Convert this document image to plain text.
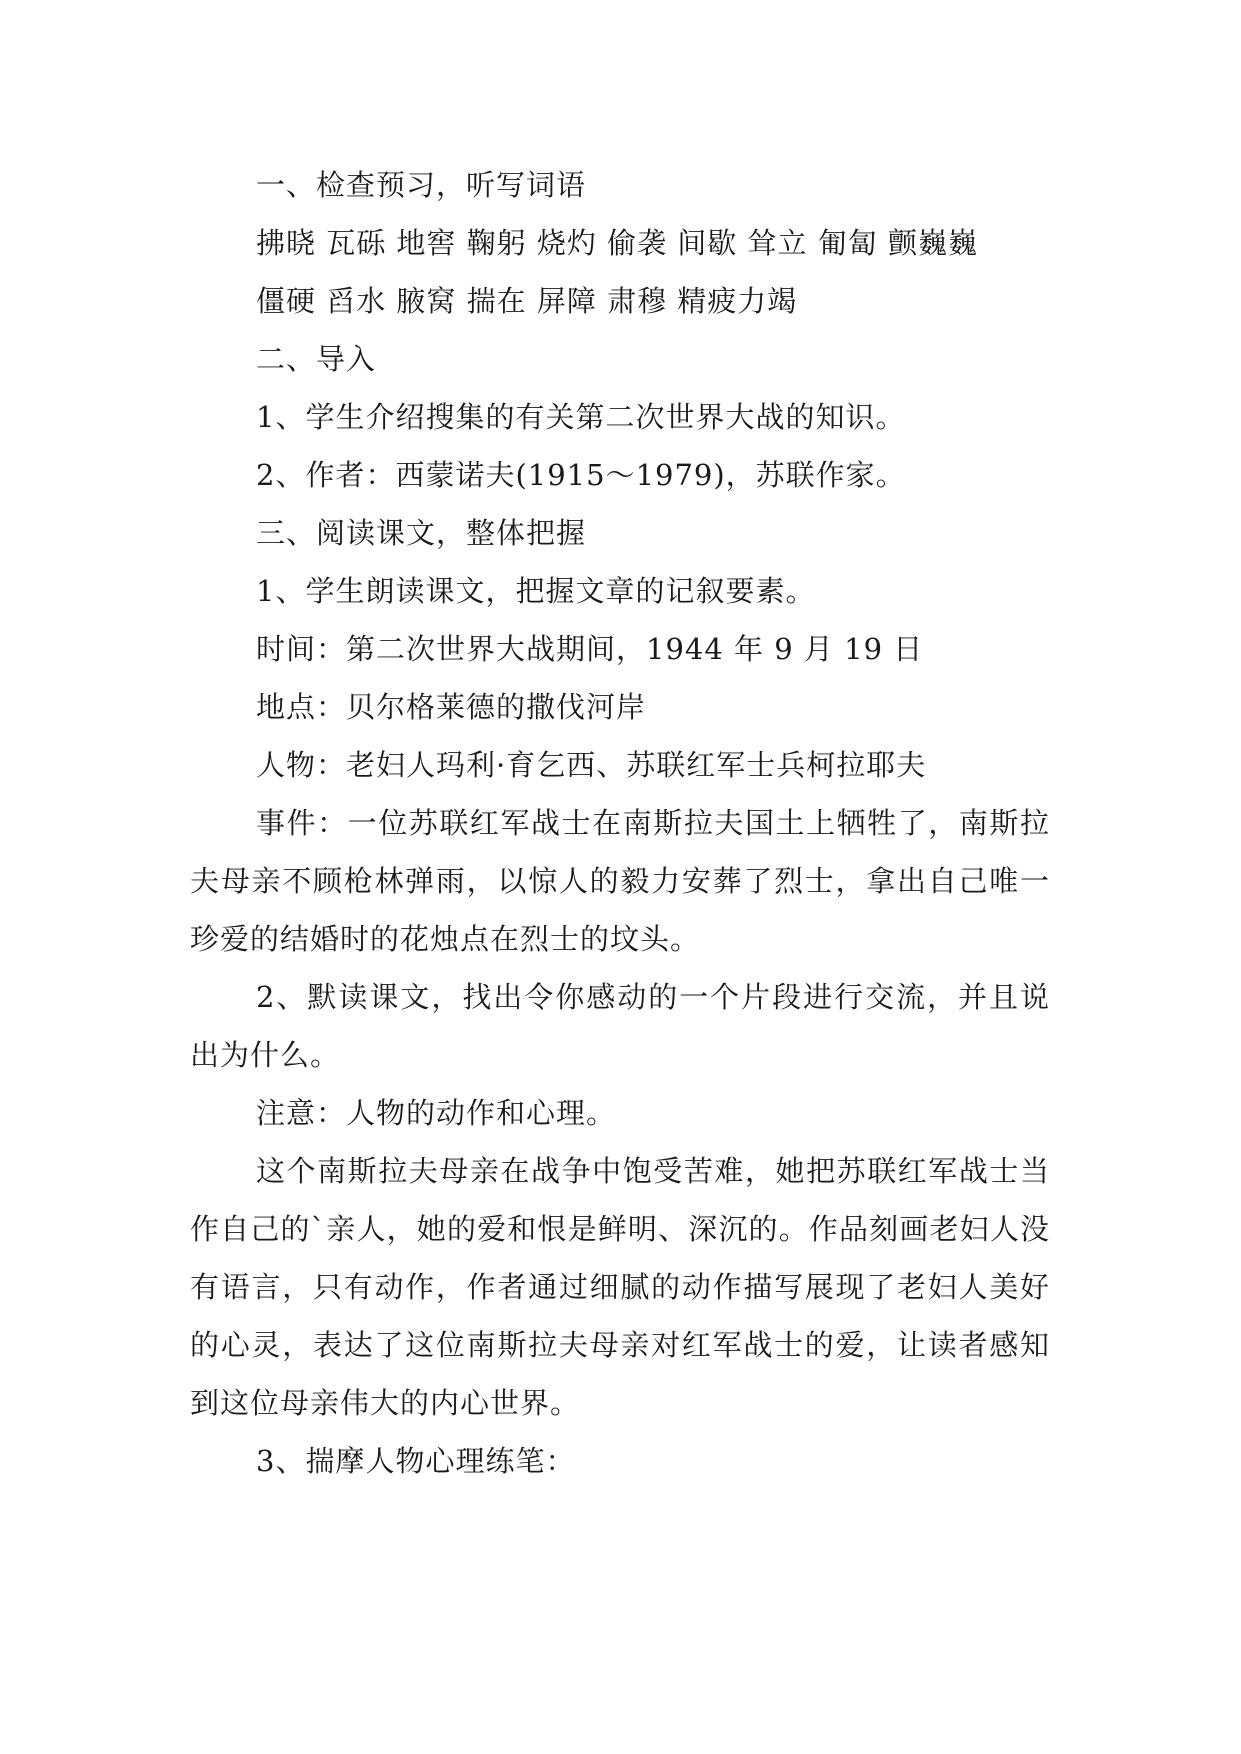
一、检查预习，听写词语

拂晓 瓦砾 地窖 鞠躬 烧灼 偷袭 间歇 耸立 匍匐 颤巍巍

僵硬 舀水 腋窝 揣在 屏障 肃穆 精疲力竭

二、导入

1、学生介绍搜集的有关第二次世界大战的知识。

2、作者：西蒙诺夫(1915～1979)，苏联作家。

三、阅读课文，整体把握

1、学生朗读课文，把握文章的记叙要素。

时间：第二次世界大战期间，1944 年 9 月 19 日

地点：贝尔格莱德的撒伐河岸

人物：老妇人玛利·育乞西、苏联红军士兵柯拉耶夫

事件：一位苏联红军战士在南斯拉夫国土上牺牲了，南斯拉夫母亲不顾枪林弹雨，以惊人的毅力安葬了烈士，拿出自己唯一珍爱的结婚时的花烛点在烈士的坟头。

2、默读课文，找出令你感动的一个片段进行交流，并且说出为什么。

注意：人物的动作和心理。

这个南斯拉夫母亲在战争中饱受苦难，她把苏联红军战士当作自己的`亲人，她的爱和恨是鲜明、深沉的。作品刻画老妇人没有语言，只有动作，作者通过细腻的动作描写展现了老妇人美好的心灵，表达了这位南斯拉夫母亲对红军战士的爱，让读者感知到这位母亲伟大的内心世界。

3、揣摩人物心理练笔：
